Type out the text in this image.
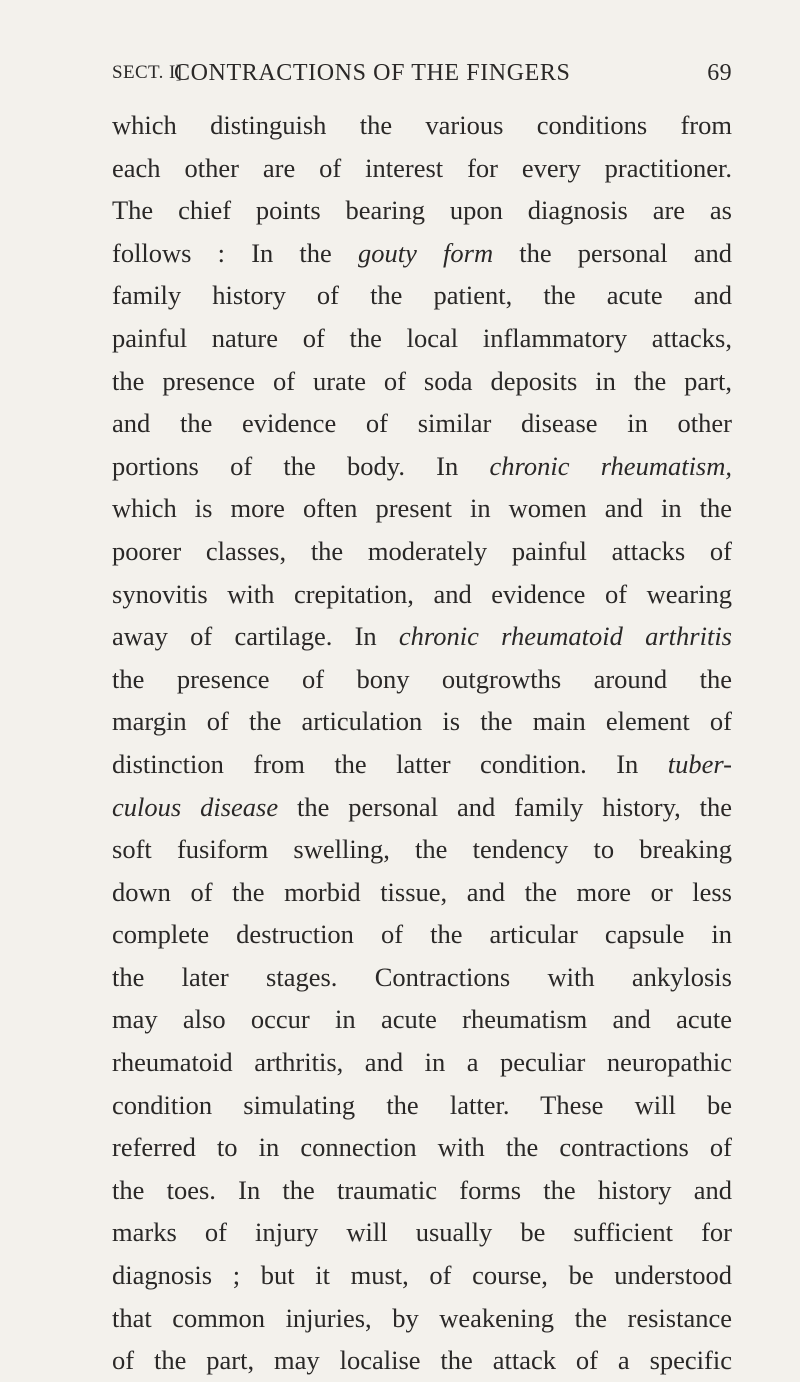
SECT. I]
CONTRACTIONS OF THE FINGERS	69
which distinguish the various conditions from
each other are of interest for every practitioner.
The chief points bearing upon diagnosis are as
follows : In the gouty form the personal and
family history of the patient, the acute and
painful nature of the local inflammatory attacks,
the presence of urate of soda deposits in the part,
and the evidence of similar disease in other
portions of the body. In chronic rheumatism,
which is more often present in women and in the
poorer classes, the moderately painful attacks of
synovitis with crepitation, and evidence of wearing
away of cartilage. In chronic rheumatoid arthritis
the presence of bony outgrowths around the
margin of the articulation is the main element of
distinction from the latter condition. In tuber-
culous disease the personal and family history, the
soft fusiform swelling, the tendency to breaking
down of the morbid tissue, and the more or less
complete destruction of the articular capsule in
the later stages. Contractions with ankylosis
may also occur in acute rheumatism and acute
rheumatoid arthritis, and in a peculiar neuropathic
condition simulating the latter. These will be
referred to in connection with the contractions of
the toes. In the traumatic forms the history and
marks of injury will usually be sufficient for
diagnosis ; but it must, of course, be understood
that common injuries, by weakening the resistance
of the part, may localise the attack of a specific
